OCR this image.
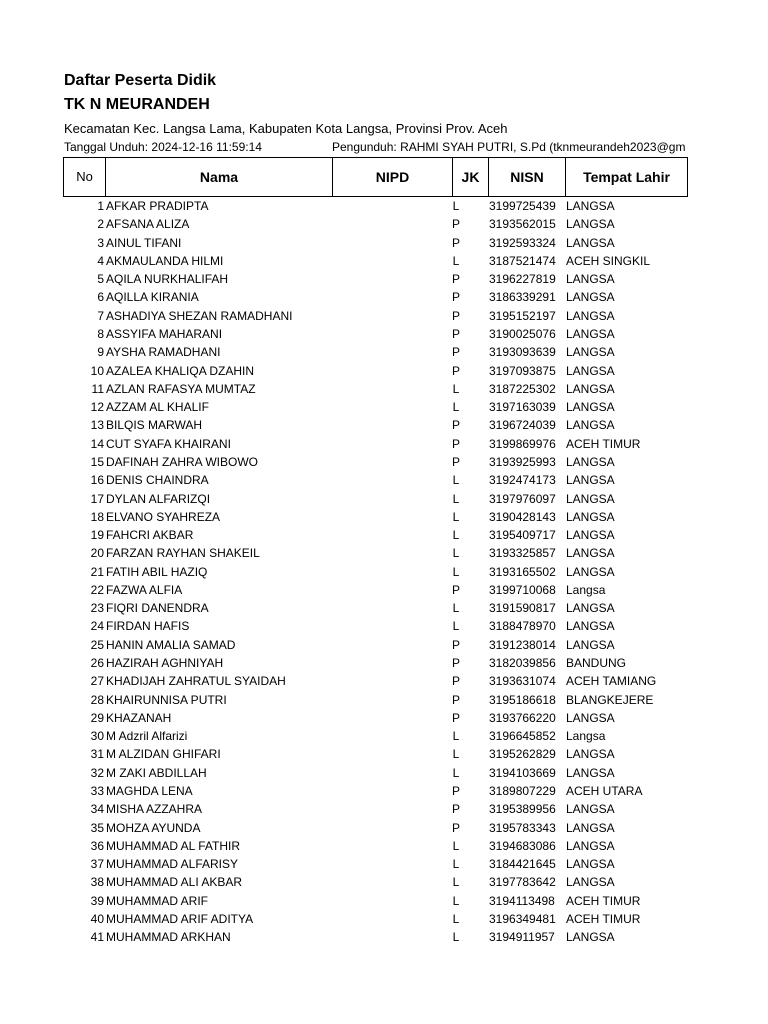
Daftar Peserta Didik
TK N MEURANDEH
Kecamatan Kec. Langsa Lama, Kabupaten Kota Langsa, Provinsi Prov. Aceh
Tanggal Unduh: 2024-12-16 11:59:14	Pengunduh: RAHMI SYAH PUTRI, S.Pd (tknmeurandeh2023@gm
No	Nama	NIPD	JK	NISN	Tempat Lahir
1 AFKAR PRADIPTA	L	3199725439 LANGSA
2 AFSANA ALIZA	P	3193562015 LANGSA
3 AINUL TIFANI	P	3192593324 LANGSA
4 AKMAULANDA HILMI	L	3187521474 ACEH SINGKIL
5 AQILA NURKHALIFAH	P	3196227819 LANGSA
6 AQILLA KIRANIA	P	3186339291 LANGSA
7 ASHADIYA SHEZAN RAMADHANI	P	3195152197 LANGSA
8 ASSYIFA MAHARANI	P	3190025076 LANGSA
9 AYSHA RAMADHANI	P	3193093639 LANGSA
10 AZALEA KHALIQA DZAHIN	P	3197093875 LANGSA
11 AZLAN RAFASYA MUMTAZ	L	3187225302 LANGSA
12 AZZAM AL KHALIF	L	3197163039 LANGSA
13 BILQIS MARWAH	P	3196724039 LANGSA
14 CUT SYAFA KHAIRANI	P	3199869976 ACEH TIMUR
15 DAFINAH ZAHRA WIBOWO	P	3193925993 LANGSA
16 DENIS CHAINDRA	L	3192474173 LANGSA
17 DYLAN ALFARIZQI	L	3197976097 LANGSA
18 ELVANO SYAHREZA	L	3190428143 LANGSA
19 FAHCRI AKBAR	L	3195409717 LANGSA
20 FARZAN RAYHAN SHAKEIL	L	3193325857 LANGSA
21 FATIH ABIL HAZIQ	L	3193165502 LANGSA
22 FAZWA ALFIA	P	3199710068 Langsa
23 FIQRI DANENDRA	L	3191590817 LANGSA
24 FIRDAN HAFIS	L	3188478970 LANGSA
25 HANIN AMALIA SAMAD	P	3191238014 LANGSA
26 HAZIRAH AGHNIYAH	P	3182039856 BANDUNG
27 KHADIJAH ZAHRATUL SYAIDAH	P	3193631074 ACEH TAMIANG
28 KHAIRUNNISA PUTRI	P	3195186618 BLANGKEJERE
29 KHAZANAH	P	3193766220 LANGSA
30 M Adzril Alfarizi	L	3196645852 Langsa
31 M ALZIDAN GHIFARI	L	3195262829 LANGSA
32 M ZAKI ABDILLAH	L	3194103669 LANGSA
33 MAGHDA LENA	P	3189807229 ACEH UTARA
34 MISHA AZZAHRA	P	3195389956 LANGSA
35 MOHZA AYUNDA	P	3195783343 LANGSA
36 MUHAMMAD AL FATHIR	L	3194683086 LANGSA
37 MUHAMMAD ALFARISY	L	3184421645 LANGSA
38 MUHAMMAD ALI AKBAR	L	3197783642 LANGSA
39 MUHAMMAD ARIF	L	3194113498 ACEH TIMUR
40 MUHAMMAD ARIF ADITYA	L	3196349481 ACEH TIMUR
41 MUHAMMAD ARKHAN	L	3194911957 LANGSA
